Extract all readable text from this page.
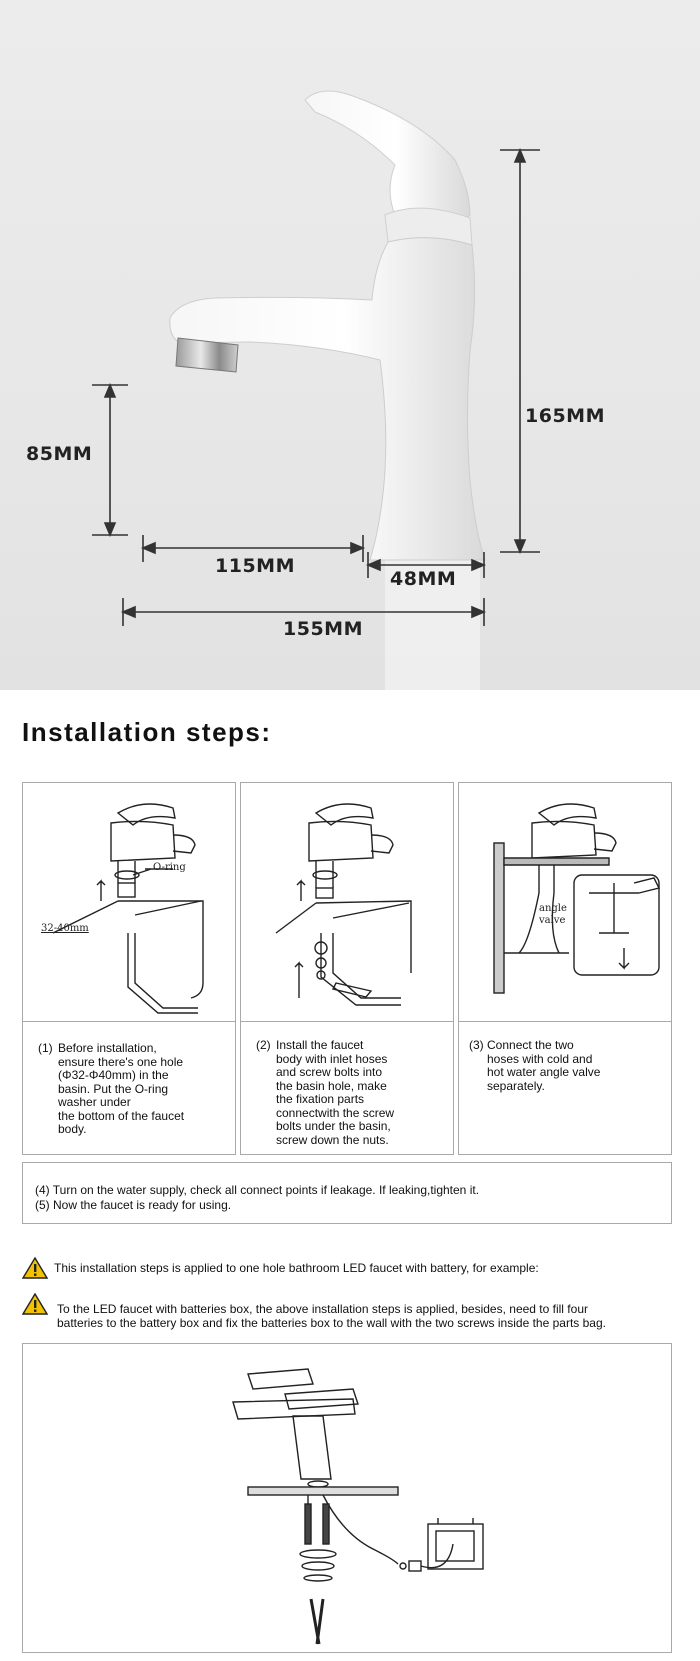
165MM
85MM
115MM
48MM
155MM
Installation steps:
O-ring
32-40mm
angle
valve
(1) Before installation,
ensure there's one hole
(Φ32-Φ40mm) in the
basin. Put the O-ring
washer under
the bottom of the faucet
body.
(2) Install the faucet
body with inlet hoses
and screw bolts into
the basin hole, make
the fixation parts
connectwith the screw
bolts under the basin,
screw down the nuts.
(3) Connect the two
hoses with cold and
hot water angle valve
separately.
(4) Turn on the water supply, check all connect points if leakage. If leaking,tighten it.
(5) Now the faucet is ready for using.
This installation steps is applied to one hole bathroom LED faucet with battery, for example:
To the LED faucet with batteries box, the above installation steps is applied, besides, need to fill four
batteries to the battery box and fix the batteries box to the wall with the two screws inside the parts bag.
